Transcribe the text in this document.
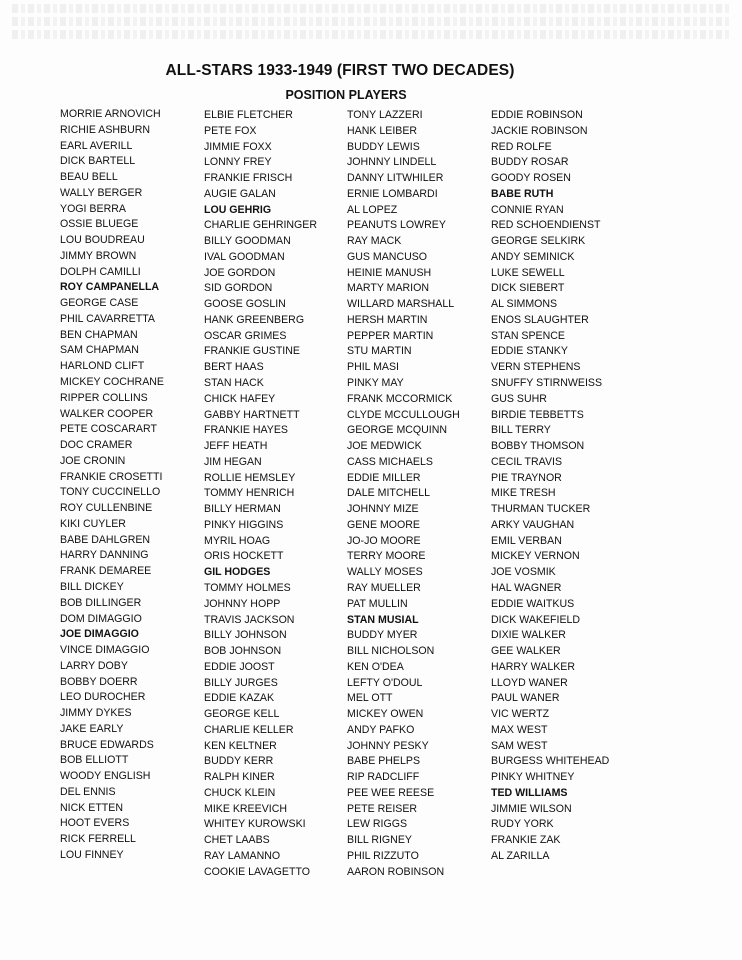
ALL-STARS 1933-1949 (FIRST TWO DECADES)
POSITION PLAYERS
MORRIE ARNOVICH
RICHIE ASHBURN
EARL AVERILL
DICK BARTELL
BEAU BELL
WALLY BERGER
YOGI BERRA
OSSIE BLUEGE
LOU BOUDREAU
JIMMY BROWN
DOLPH CAMILLI
ROY CAMPANELLA
GEORGE CASE
PHIL CAVARRETTA
BEN CHAPMAN
SAM CHAPMAN
HARLOND CLIFT
MICKEY COCHRANE
RIPPER COLLINS
WALKER COOPER
PETE COSCARART
DOC CRAMER
JOE CRONIN
FRANKIE CROSETTI
TONY CUCCINELLO
ROY CULLENBINE
KIKI CUYLER
BABE DAHLGREN
HARRY DANNING
FRANK DEMAREE
BILL DICKEY
BOB DILLINGER
DOM DIMAGGIO
JOE DIMAGGIO
VINCE DIMAGGIO
LARRY DOBY
BOBBY DOERR
LEO DUROCHER
JIMMY DYKES
JAKE EARLY
BRUCE EDWARDS
BOB ELLIOTT
WOODY ENGLISH
DEL ENNIS
NICK ETTEN
HOOT EVERS
RICK FERRELL
LOU FINNEY
ELBIE FLETCHER
PETE FOX
JIMMIE FOXX
LONNY FREY
FRANKIE FRISCH
AUGIE GALAN
LOU GEHRIG
CHARLIE GEHRINGER
BILLY GOODMAN
IVAL GOODMAN
JOE GORDON
SID GORDON
GOOSE GOSLIN
HANK GREENBERG
OSCAR GRIMES
FRANKIE GUSTINE
BERT HAAS
STAN HACK
CHICK HAFEY
GABBY HARTNETT
FRANKIE HAYES
JEFF HEATH
JIM HEGAN
ROLLIE HEMSLEY
TOMMY HENRICH
BILLY HERMAN
PINKY HIGGINS
MYRIL HOAG
ORIS HOCKETT
GIL HODGES
TOMMY HOLMES
JOHNNY HOPP
TRAVIS JACKSON
BILLY JOHNSON
BOB JOHNSON
EDDIE JOOST
BILLY JURGES
EDDIE KAZAK
GEORGE KELL
CHARLIE KELLER
KEN KELTNER
BUDDY KERR
RALPH KINER
CHUCK KLEIN
MIKE KREEVICH
WHITEY KUROWSKI
CHET LAABS
RAY LAMANNO
COOKIE LAVAGETTO
TONY LAZZERI
HANK LEIBER
BUDDY LEWIS
JOHNNY LINDELL
DANNY LITWHILER
ERNIE LOMBARDI
AL LOPEZ
PEANUTS LOWREY
RAY MACK
GUS MANCUSO
HEINIE MANUSH
MARTY MARION
WILLARD MARSHALL
HERSH MARTIN
PEPPER MARTIN
STU MARTIN
PHIL MASI
PINKY MAY
FRANK MCCORMICK
CLYDE MCCULLOUGH
GEORGE MCQUINN
JOE MEDWICK
CASS MICHAELS
EDDIE MILLER
DALE MITCHELL
JOHNNY MIZE
GENE MOORE
JO-JO MOORE
TERRY MOORE
WALLY MOSES
RAY MUELLER
PAT MULLIN
STAN MUSIAL
BUDDY MYER
BILL NICHOLSON
KEN O'DEA
LEFTY O'DOUL
MEL OTT
MICKEY OWEN
ANDY PAFKO
JOHNNY PESKY
BABE PHELPS
RIP RADCLIFF
PEE WEE REESE
PETE REISER
LEW RIGGS
BILL RIGNEY
PHIL RIZZUTO
AARON ROBINSON
EDDIE ROBINSON
JACKIE ROBINSON
RED ROLFE
BUDDY ROSAR
GOODY ROSEN
BABE RUTH
CONNIE RYAN
RED SCHOENDIENST
GEORGE SELKIRK
ANDY SEMINICK
LUKE SEWELL
DICK SIEBERT
AL SIMMONS
ENOS SLAUGHTER
STAN SPENCE
EDDIE STANKY
VERN STEPHENS
SNUFFY STIRNWEISS
GUS SUHR
BIRDIE TEBBETTS
BILL TERRY
BOBBY THOMSON
CECIL TRAVIS
PIE TRAYNOR
MIKE TRESH
THURMAN TUCKER
ARKY VAUGHAN
EMIL VERBAN
MICKEY VERNON
JOE VOSMIK
HAL WAGNER
EDDIE WAITKUS
DICK WAKEFIELD
DIXIE WALKER
GEE WALKER
HARRY WALKER
LLOYD WANER
PAUL WANER
VIC WERTZ
MAX WEST
SAM WEST
BURGESS WHITEHEAD
PINKY WHITNEY
TED WILLIAMS
JIMMIE WILSON
RUDY YORK
FRANKIE ZAK
AL ZARILLA
